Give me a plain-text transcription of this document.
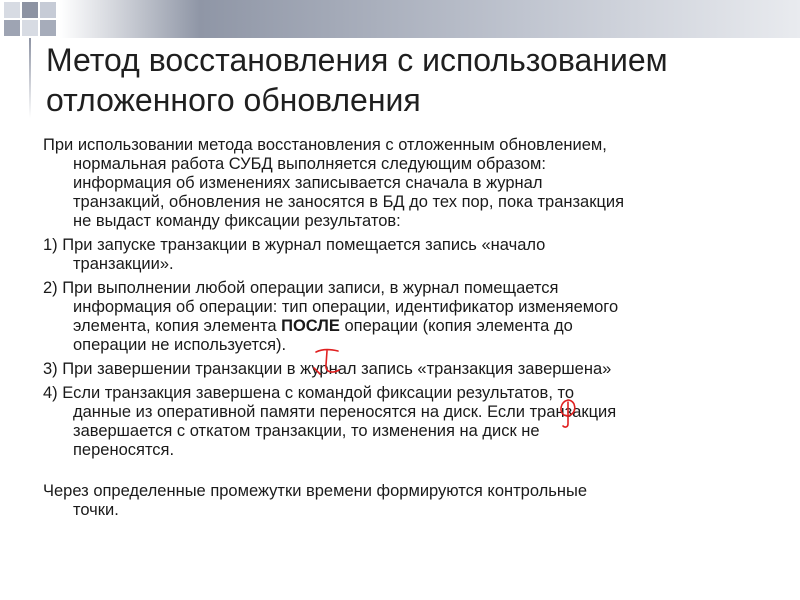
Метод восстановления с использованием
отложенного обновления
При использовании метода восстановления с отложенным обновлением,
нормальная работа СУБД выполняется следующим образом:
информация об изменениях записывается сначала в журнал
транзакций, обновления не заносятся в БД до тех пор, пока транзакция
не выдаст команду фиксации результатов:
1) При запуске транзакции в журнал помещается запись «начало
транзакции».
2) При выполнении любой операции записи, в журнал помещается
информация об операции: тип операции, идентификатор изменяемого
элемента, копия элемента ПОСЛЕ операции (копия элемента до
операции не используется).
3) При завершении транзакции в журнал запись «транзакция завершена»
4) Если транзакция завершена с командой фиксации результатов, то
данные из оперативной памяти переносятся на диск. Если транзакция
завершается с откатом транзакции, то изменения на диск не
переносятся.
Через определенные промежутки времени формируются контрольные
точки.
